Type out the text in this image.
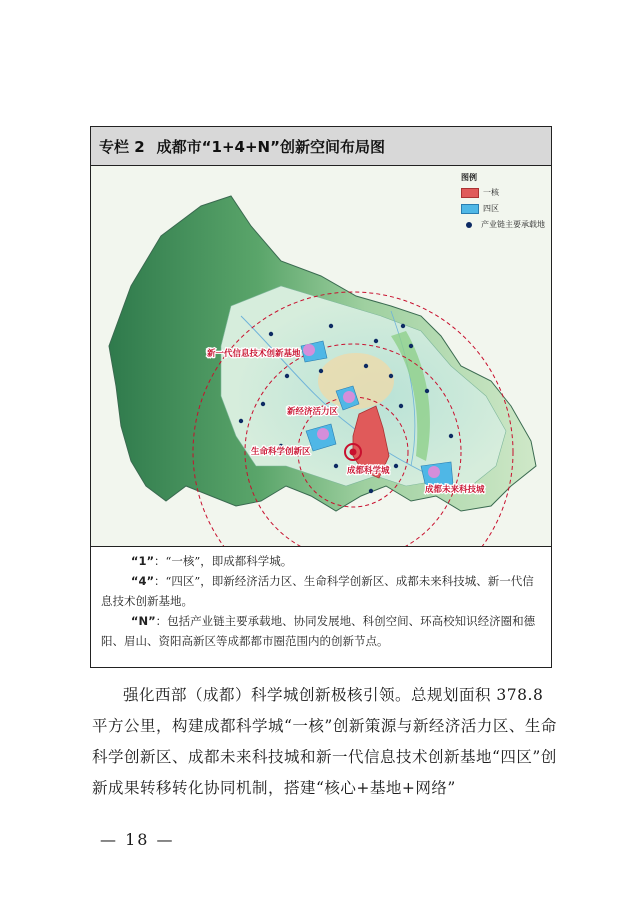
专栏 2 成都市“1+4+N”创新空间布局图
新一代信息技术创新基地
新经济活力区
生命科学创新区
成都科学城
成都未来科技城
图例
一核
四区
产业链主要承载地

“1”：“一核”，即成都科学城。

“4”：“四区”，即新经济活力区、生命科学创新区、成都未来科技城、新一代信息技术创新基地。

“N”：包括产业链主要承载地、协同发展地、科创空间、环高校知识经济圈和德阳、眉山、资阳高新区等成都都市圈范围内的创新节点。

强化西部（成都）科学城创新极核引领。总规划面积 378.8 平方公里，构建成都科学城“一核”创新策源与新经济活力区、生命科学创新区、成都未来科技城和新一代信息技术创新基地“四区”创新成果转移转化协同机制，搭建“核心+基地+网络”

— 18 —
